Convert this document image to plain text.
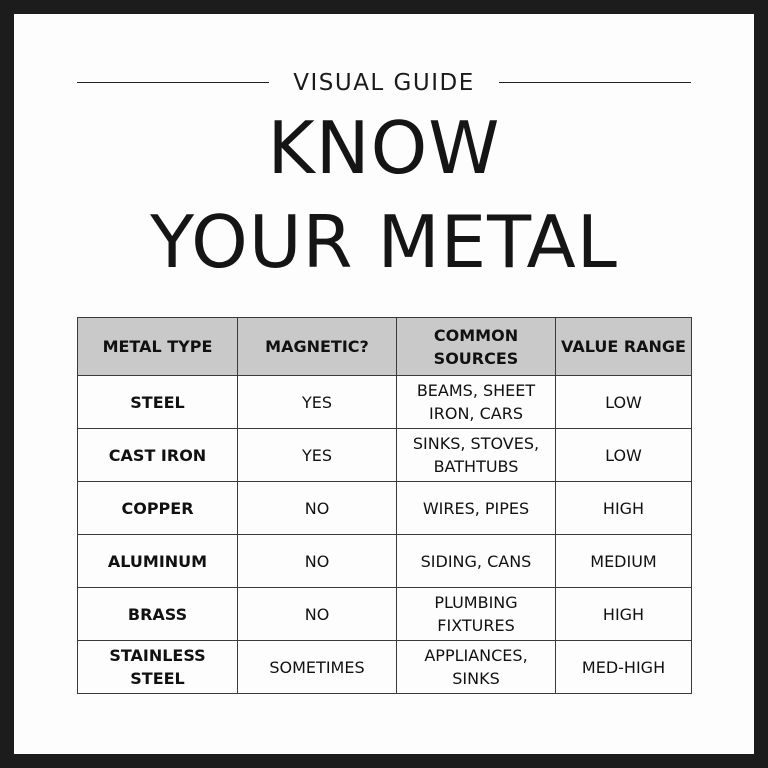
VISUAL GUIDE
KNOW
YOUR METAL
METAL TYPE	MAGNETIC?	COMMON SOURCES	VALUE RANGE
STEEL	YES	BEAMS, SHEET IRON, CARS	LOW
CAST IRON	YES	SINKS, STOVES, BATHTUBS	LOW
COPPER	NO	WIRES, PIPES	HIGH
ALUMINUM	NO	SIDING, CANS	MEDIUM
BRASS	NO	PLUMBING FIXTURES	HIGH
STAINLESS STEEL	SOMETIMES	APPLIANCES, SINKS	MED-HIGH
